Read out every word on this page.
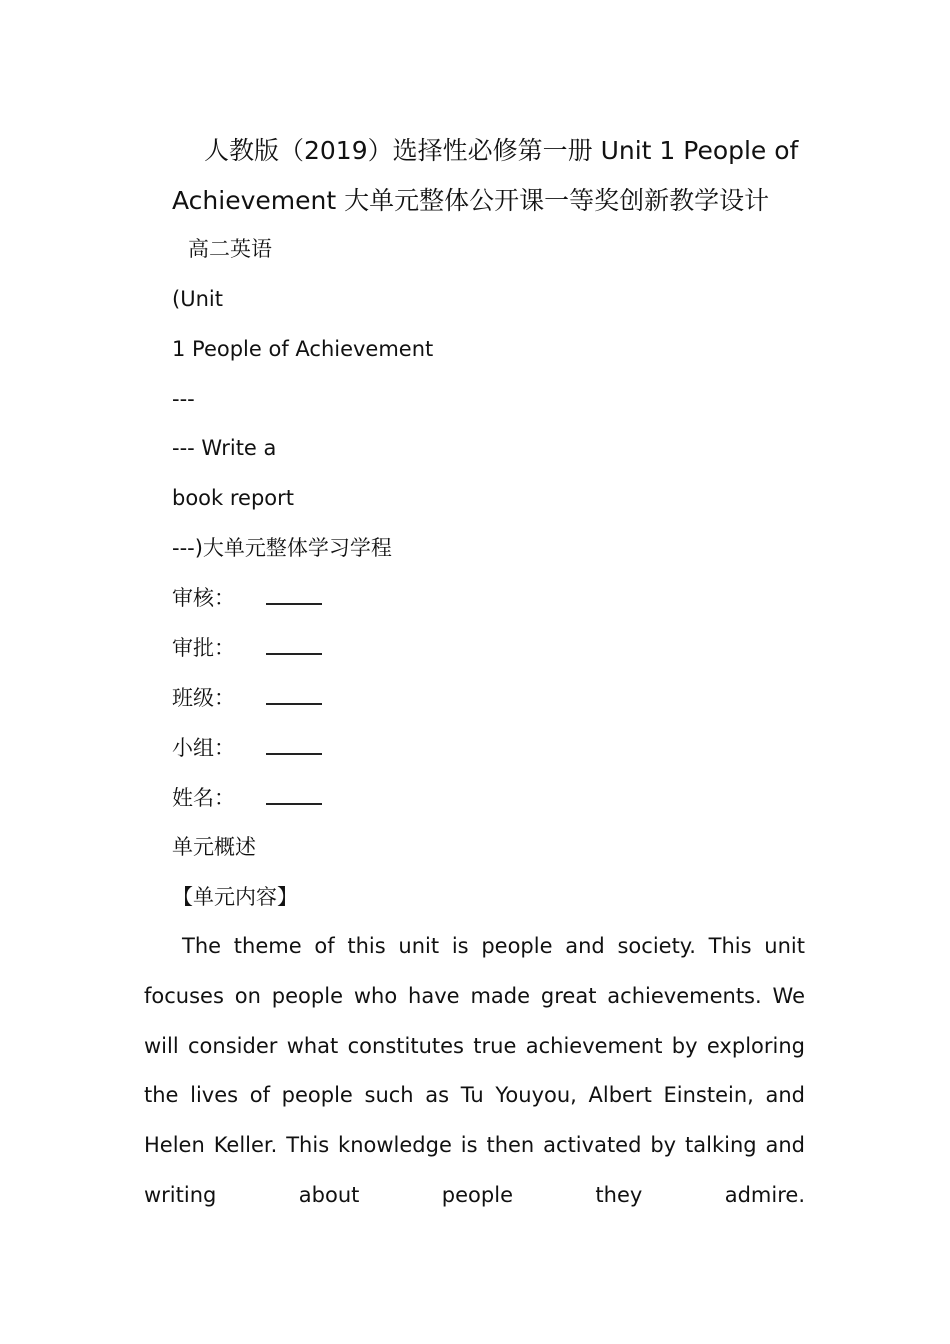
人教版（2019）选择性必修第一册 Unit 1 People of Achievement 大单元整体公开课一等奖创新教学设计
高二英语
(Unit
1 People of Achievement
---
--- Write a
book report
---)大单元整体学习学程
审核：
审批：
班级：
小组：
姓名：
单元概述
【单元内容】

The theme of this unit is people and society. This unit focuses on people who have made great achievements. We will consider what constitutes true achievement by exploring the lives of people such as Tu Youyou, Albert Einstein, and Helen Keller. This knowledge is then activated by talking and writing about people they admire.
